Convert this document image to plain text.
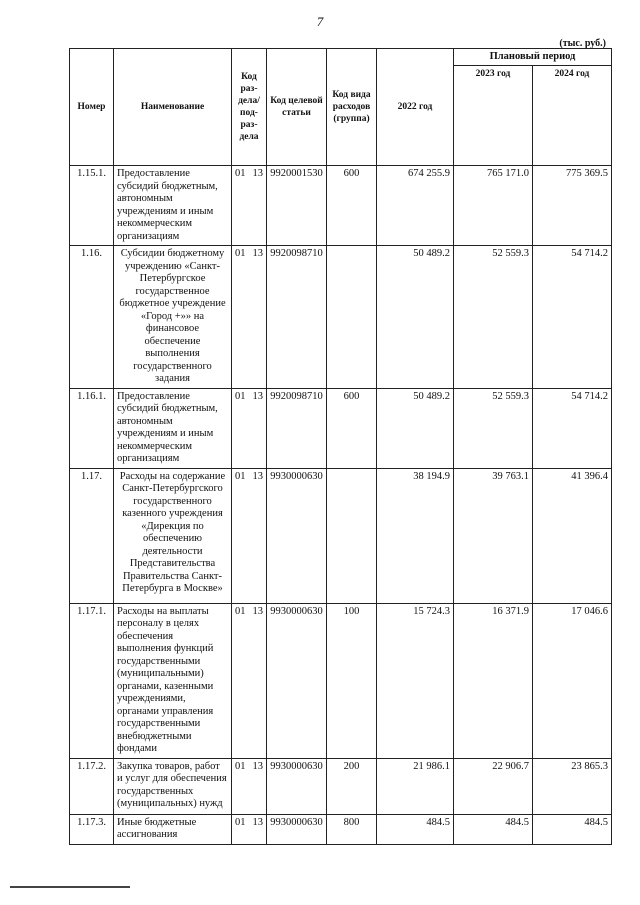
7
(тыс. руб.)
Номер	Наименование	Код раз-дела/ под-раз-дела	Код целевой статьи	Код вида расходов (группа)	2022 год	Плановый период	
						2023 год	2024 год
1.15.1.	Предоставление субсидий бюджетным, автономным учреждениям и иным некоммерческим организациям	01 13	9920001530	600	674 255.9	765 171.0	775 369.5
1.16.	Субсидии бюджетному учреждению «Санкт-Петербургское государственное бюджетное учреждение «Город +»» на финансовое обеспечение выполнения государственного задания	01 13	9920098710		50 489.2	52 559.3	54 714.2
1.16.1.	Предоставление субсидий бюджетным, автономным учреждениям и иным некоммерческим организациям	01 13	9920098710	600	50 489.2	52 559.3	54 714.2
1.17.	Расходы на содержание Санкт-Петербургского государственного казенного учреждения «Дирекция по обеспечению деятельности Представительства Правительства Санкт-Петербурга в Москве»	01 13	9930000630		38 194.9	39 763.1	41 396.4
1.17.1.	Расходы на выплаты персоналу в целях обеспечения выполнения функций государственными (муниципальными) органами, казенными учреждениями, органами управления государственными внебюджетными фондами	01 13	9930000630	100	15 724.3	16 371.9	17 046.6
1.17.2.	Закупка товаров, работ и услуг для обеспечения государственных (муниципальных) нужд	01 13	9930000630	200	21 986.1	22 906.7	23 865.3
1.17.3.	Иные бюджетные ассигнования	01 13	9930000630	800	484.5	484.5	484.5
